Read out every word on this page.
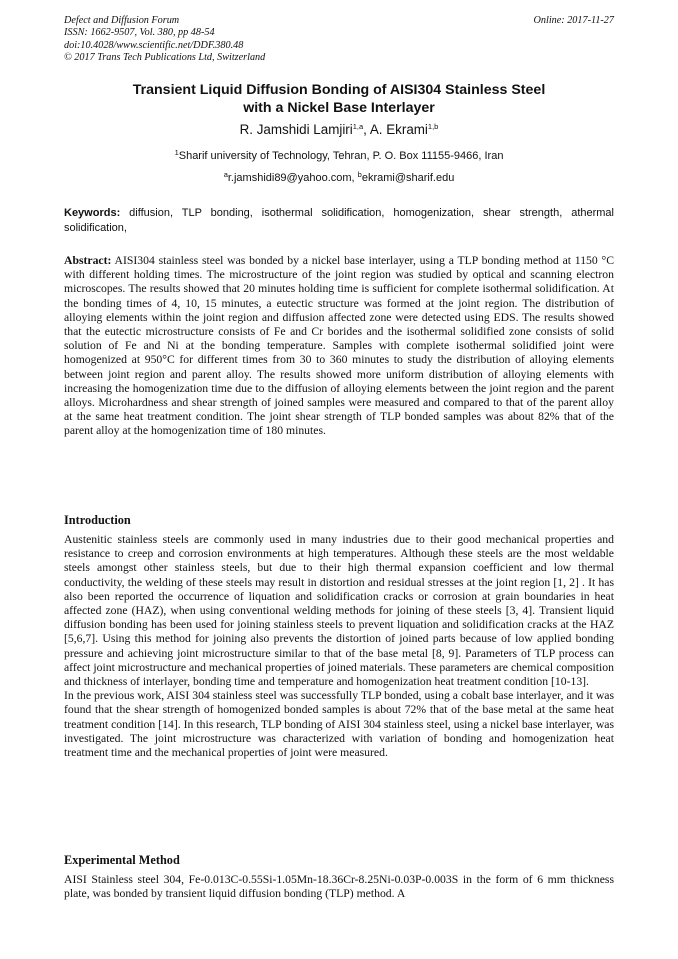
Defect and Diffusion Forum
ISSN: 1662-9507, Vol. 380, pp 48-54
doi:10.4028/www.scientific.net/DDF.380.48
© 2017 Trans Tech Publications Ltd, Switzerland
Online: 2017-11-27
Transient Liquid Diffusion Bonding of AISI304 Stainless Steel
with a Nickel Base Interlayer
R. Jamshidi Lamjiri$^{1,a}$, A. Ekrami$^{1,b}$
$^1$Sharif university of Technology, Tehran, P. O. Box 11155-9466, Iran
$^a$r.jamshidi89@yahoo.com, $^b$ekrami@sharif.edu
Keywords: diffusion, TLP bonding, isothermal solidification, homogenization, shear strength, athermal solidification,
Abstract: AISI304 stainless steel was bonded by a nickel base interlayer, using a TLP bonding method at 1150 °C with different holding times. The microstructure of the joint region was studied by optical and scanning electron microscopes. The results showed that 20 minutes holding time is sufficient for complete isothermal solidification. At the bonding times of 4, 10, 15 minutes, a eutectic structure was formed at the joint region. The distribution of alloying elements within the joint region and diffusion affected zone were detected using EDS. The results showed that the eutectic microstructure consists of Fe and Cr borides and the isothermal solidified zone consists of solid solution of Fe and Ni at the bonding temperature. Samples with complete isothermal solidified joint were homogenized at 950°C for different times from 30 to 360 minutes to study the distribution of alloying elements between joint region and parent alloy. The results showed more uniform distribution of alloying elements with increasing the homogenization time due to the diffusion of alloying elements between the joint region and the parent alloys. Microhardness and shear strength of joined samples were measured and compared to that of the parent alloy at the same heat treatment condition. The joint shear strength of TLP bonded samples was about 82% that of the parent alloy at the homogenization time of 180 minutes.
Introduction

Austenitic stainless steels are commonly used in many industries due to their good mechanical properties and resistance to creep and corrosion environments at high temperatures. Although these steels are the most weldable steels amongst other stainless steels, but due to their high thermal expansion coefficient and low thermal conductivity, the welding of these steels may result in distortion and residual stresses at the joint region [1, 2] . It has also been reported the occurrence of liquation and solidification cracks or corrosion at grain boundaries in heat affected zone (HAZ), when using conventional welding methods for joining of these steels [3, 4]. Transient liquid diffusion bonding has been used for joining stainless steels to prevent liquation and solidification cracks at the HAZ [5,6,7]. Using this method for joining also prevents the distortion of joined parts because of low applied bonding pressure and achieving joint microstructure similar to that of the base metal [8, 9]. Parameters of TLP process can affect joint microstructure and mechanical properties of joined materials. These parameters are chemical composition and thickness of interlayer, bonding time and temperature and homogenization heat treatment condition [10-13].

In the previous work, AISI 304 stainless steel was successfully TLP bonded, using a cobalt base interlayer, and it was found that the shear strength of homogenized bonded samples is about 72% that of the base metal at the same heat treatment condition [14]. In this research, TLP bonding of AISI 304 stainless steel, using a nickel base interlayer, was investigated. The joint microstructure was characterized with variation of bonding and homogenization heat treatment time and the mechanical properties of joint were measured.

Experimental Method

AISI Stainless steel 304, Fe-0.013C-0.55Si-1.05Mn-18.36Cr-8.25Ni-0.03P-0.003S in the form of 6 mm thickness plate, was bonded by transient liquid diffusion bonding (TLP) method. A
